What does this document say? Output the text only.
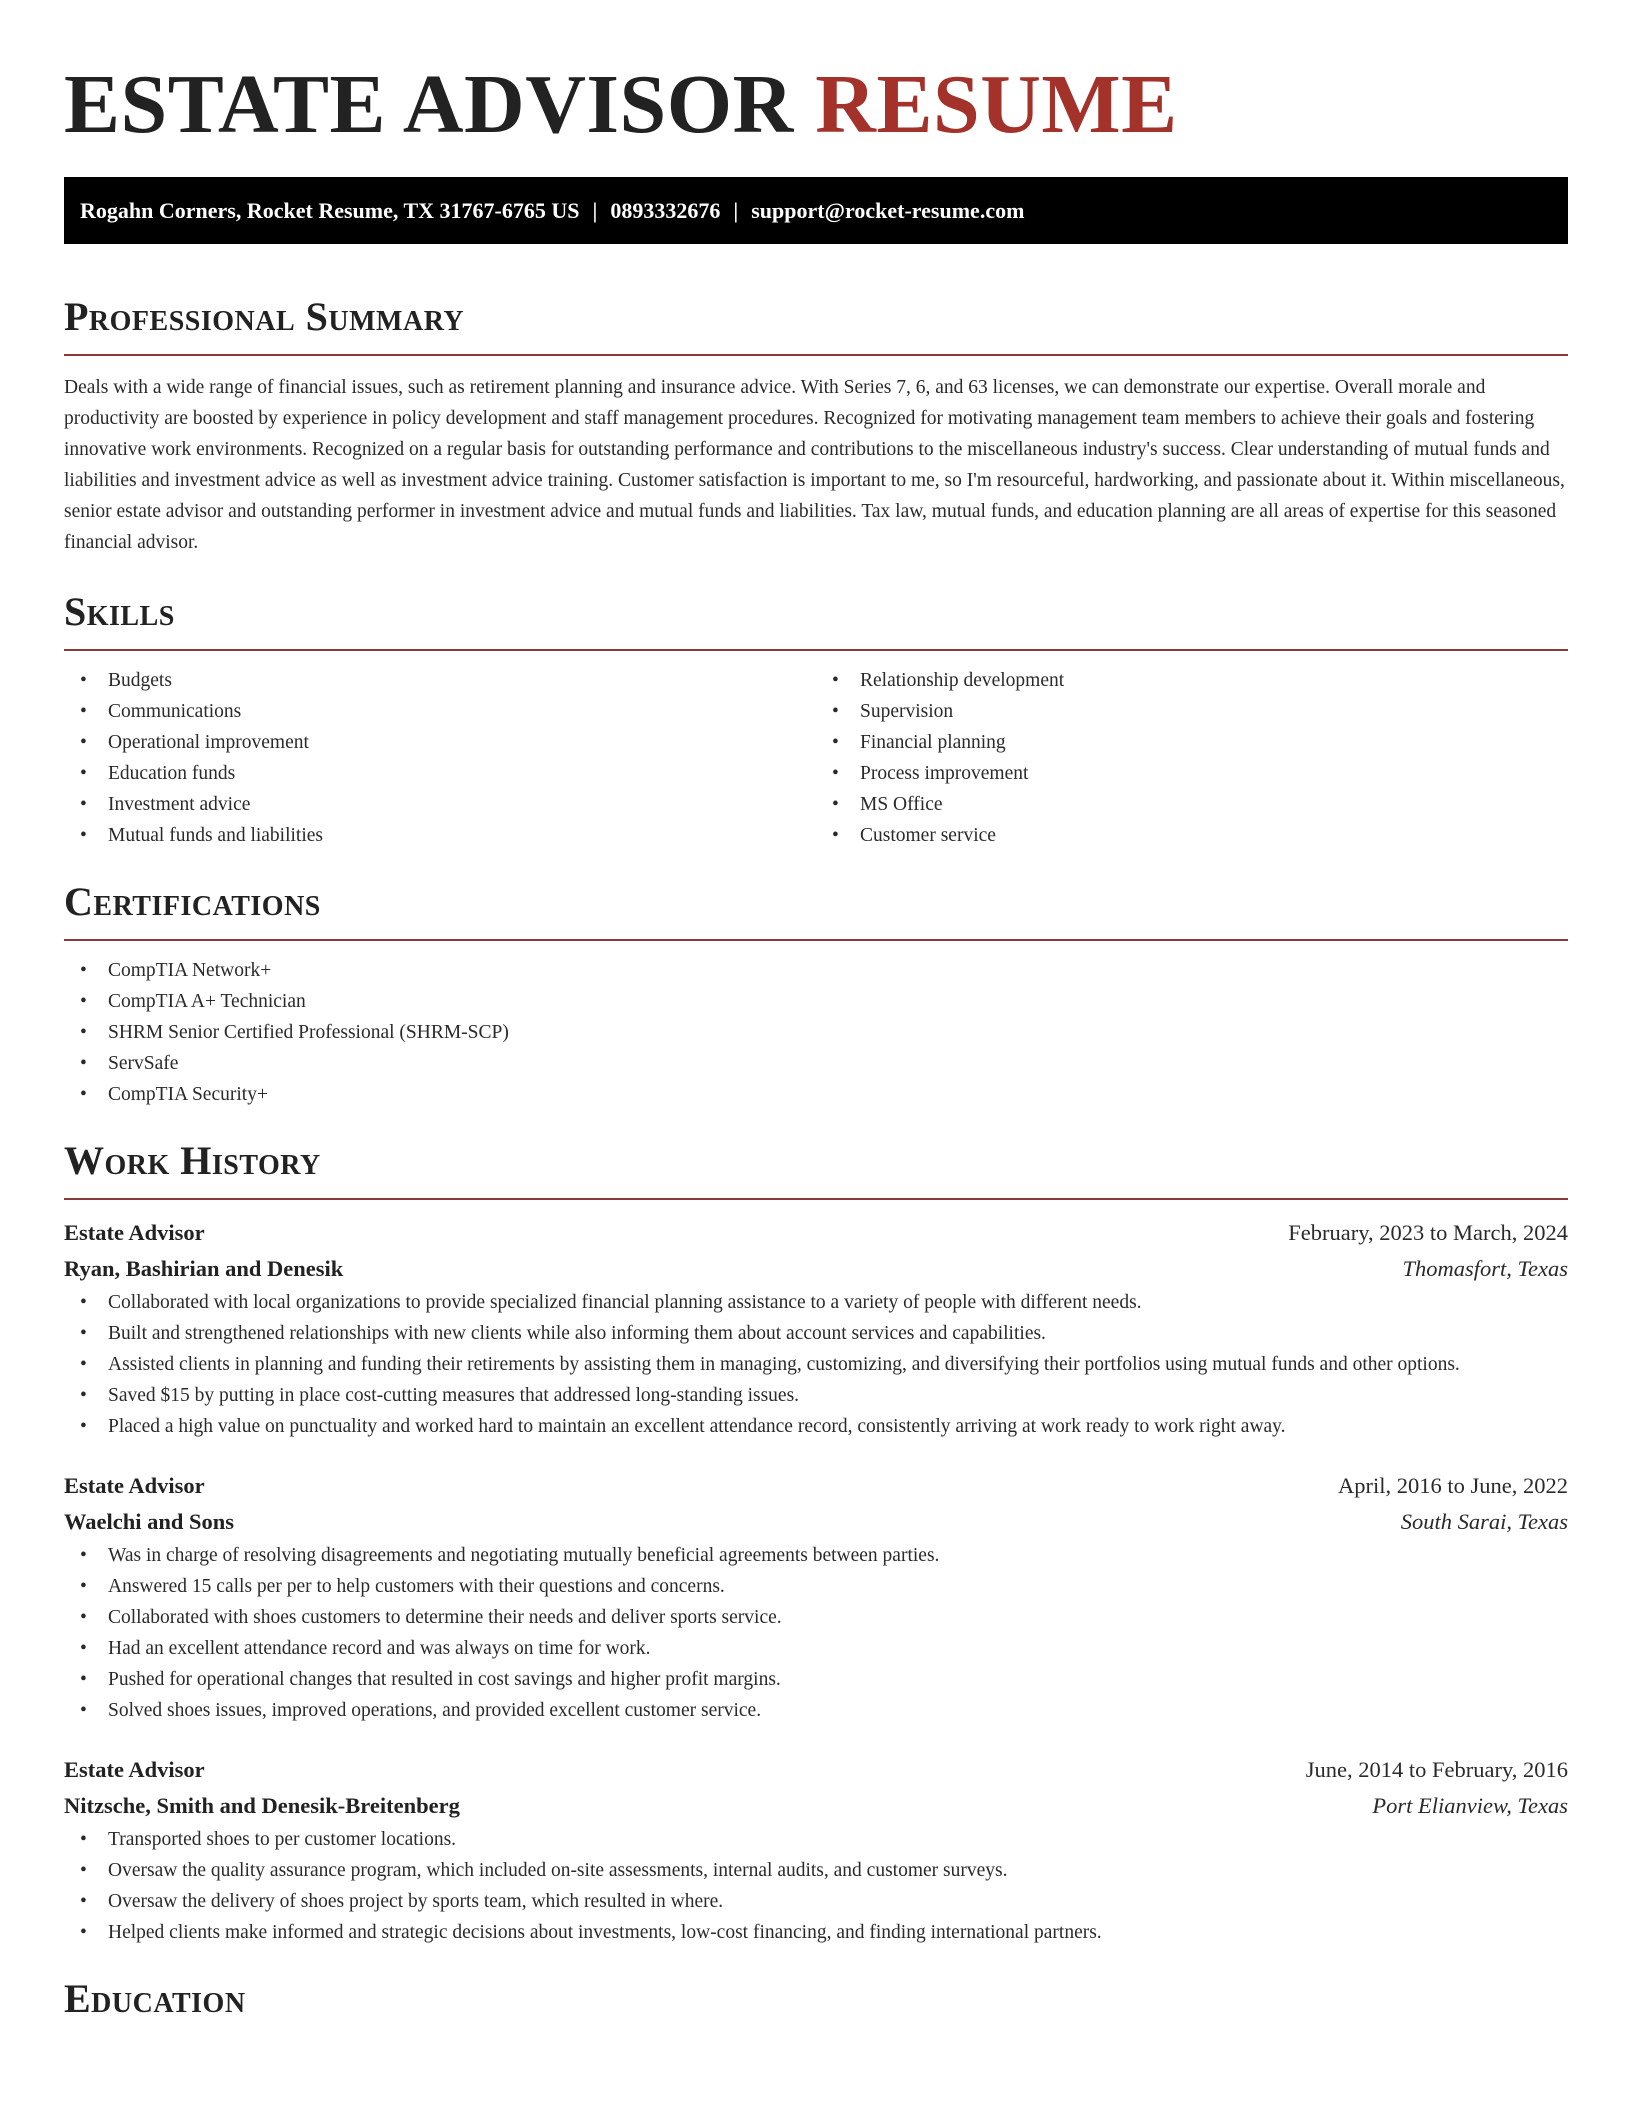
ESTATE ADVISOR RESUME
Rogahn Corners, Rocket Resume, TX 31767-6765 US | 0893332676 | support@rocket-resume.com
Professional Summary

Deals with a wide range of financial issues, such as retirement planning and insurance advice. With Series 7, 6, and 63 licenses, we can demonstrate our expertise. Overall morale and productivity are boosted by experience in policy development and staff management procedures. Recognized for motivating management team members to achieve their goals and fostering innovative work environments. Recognized on a regular basis for outstanding performance and contributions to the miscellaneous industry's success. Clear understanding of mutual funds and liabilities and investment advice as well as investment advice training. Customer satisfaction is important to me, so I'm resourceful, hardworking, and passionate about it. Within miscellaneous, senior estate advisor and outstanding performer in investment advice and mutual funds and liabilities. Tax law, mutual funds, and education planning are all areas of expertise for this seasoned financial advisor.

Skills
• Budgets
• Communications
• Operational improvement
• Education funds
• Investment advice
• Mutual funds and liabilities
• Relationship development
• Supervision
• Financial planning
• Process improvement
• MS Office
• Customer service
Certifications
• CompTIA Network+
• CompTIA A+ Technician
• SHRM Senior Certified Professional (SHRM-SCP)
• ServSafe
• CompTIA Security+
Work History
Estate Advisor	February, 2023 to March, 2024
Ryan, Bashirian and Denesik	Thomasfort, Texas
• Collaborated with local organizations to provide specialized financial planning assistance to a variety of people with different needs.
• Built and strengthened relationships with new clients while also informing them about account services and capabilities.
• Assisted clients in planning and funding their retirements by assisting them in managing, customizing, and diversifying their portfolios using mutual funds and other options.
• Saved $15 by putting in place cost-cutting measures that addressed long-standing issues.
• Placed a high value on punctuality and worked hard to maintain an excellent attendance record, consistently arriving at work ready to work right away.
Estate Advisor	April, 2016 to June, 2022
Waelchi and Sons	South Sarai, Texas
• Was in charge of resolving disagreements and negotiating mutually beneficial agreements between parties.
• Answered 15 calls per per to help customers with their questions and concerns.
• Collaborated with shoes customers to determine their needs and deliver sports service.
• Had an excellent attendance record and was always on time for work.
• Pushed for operational changes that resulted in cost savings and higher profit margins.
• Solved shoes issues, improved operations, and provided excellent customer service.
Estate Advisor	June, 2014 to February, 2016
Nitzsche, Smith and Denesik-Breitenberg	Port Elianview, Texas
• Transported shoes to per customer locations.
• Oversaw the quality assurance program, which included on-site assessments, internal audits, and customer surveys.
• Oversaw the delivery of shoes project by sports team, which resulted in where.
• Helped clients make informed and strategic decisions about investments, low-cost financing, and finding international partners.
Education
